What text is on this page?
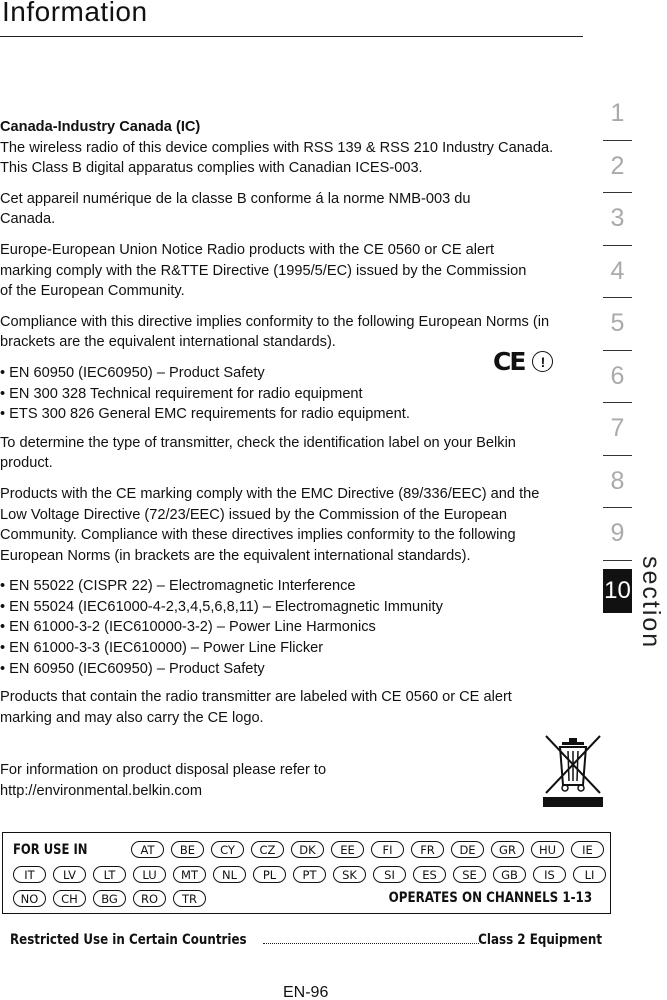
Information

Canada-Industry Canada (IC)
The wireless radio of this device complies with RSS 139 & RSS 210 Industry Canada. This Class B digital apparatus complies with Canadian ICES-003.

Cet appareil numérique de la classe B conforme á la norme NMB-003 du Canada.

Europe-European Union Notice Radio products with the CE 0560 or CE alert marking comply with the R&TTE Directive (1995/5/EC) issued by the Commission of the European Community.

Compliance with this directive implies conformity to the following European Norms (in brackets are the equivalent international standards).

• EN 60950 (IEC60950) – Product Safety
• EN 300 328 Technical requirement for radio equipment
• ETS 300 826 General EMC requirements for radio equipment.

To determine the type of transmitter, check the identification label on your Belkin product.

Products with the CE marking comply with the EMC Directive (89/336/EEC) and the Low Voltage Directive (72/23/EEC) issued by the Commission of the European Community. Compliance with these directives implies conformity to the following European Norms (in brackets are the equivalent international standards).

• EN 55022 (CISPR 22) – Electromagnetic Interference
• EN 55024 (IEC61000-4-2,3,4,5,6,8,11) – Electromagnetic Immunity
• EN 61000-3-2 (IEC610000-3-2) – Power Line Harmonics
• EN 61000-3-3 (IEC610000) – Power Line Flicker
• EN 60950 (IEC60950) – Product Safety

Products that contain the radio transmitter are labeled with CE 0560 or CE alert marking and may also carry the CE logo.

CE	!
For information on product disposal please refer to
http://environmental.belkin.com
1
2
3
4
5
6
7
8
9
10 section
FOR USE IN	AT	BE	CY	CZ	DK	EE	FI	FR	DE	GR	HU	IE
IT	LV	LT	LU	MT	NL	PL	PT	SK	SI	ES	SE	GB	IS	LI
NO	CH	BG	RO	TR	OPERATES ON CHANNELS 1-13
Restricted Use in Certain Countries	Class 2 Equipment
EN-96
